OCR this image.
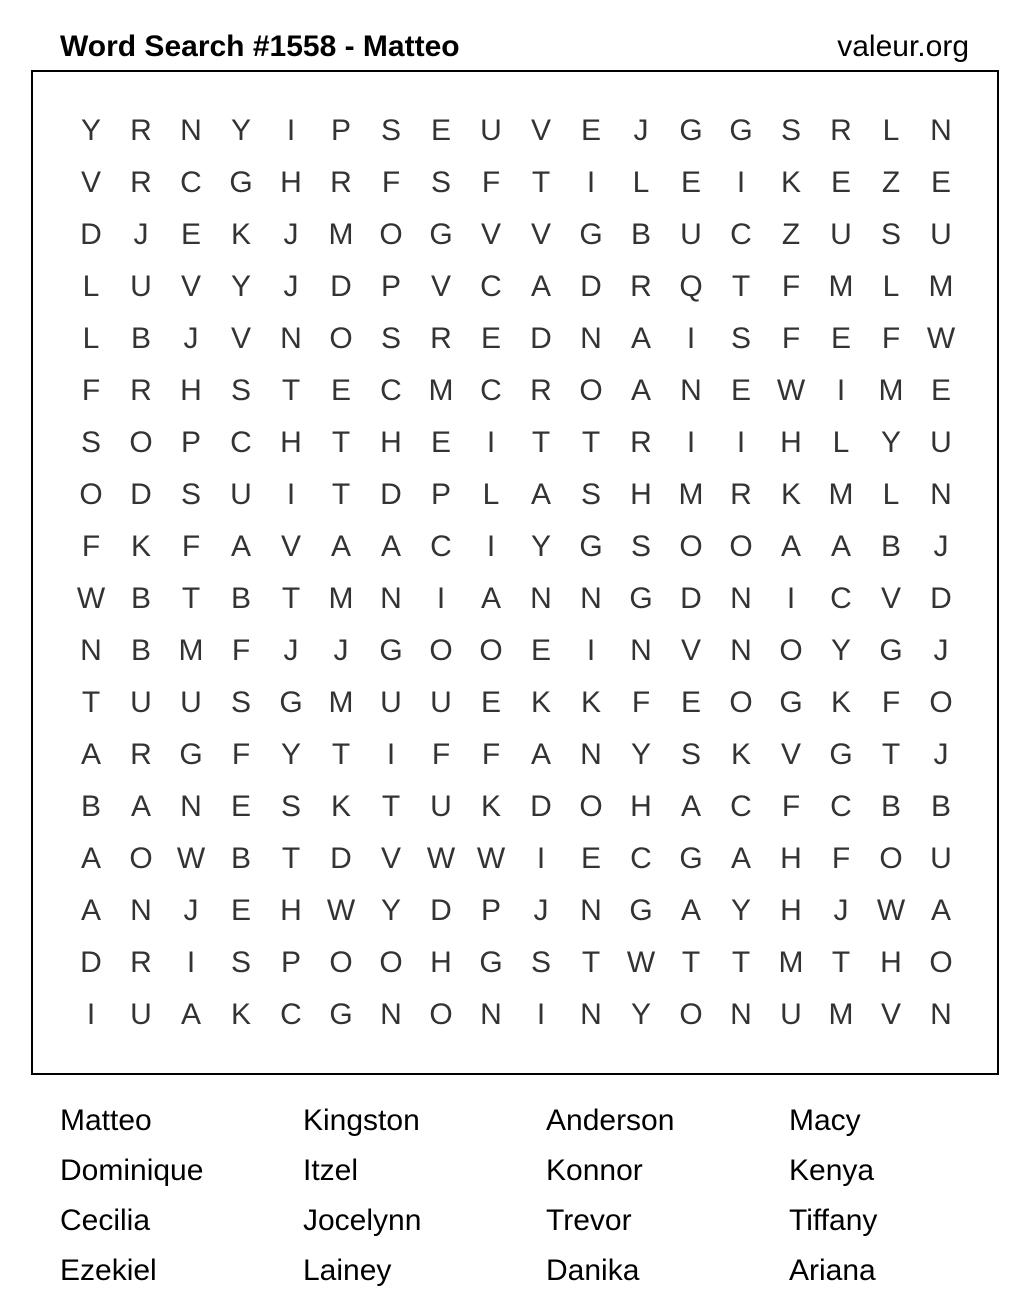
Word Search #1558 - Matteo	valeur.org
Y R N Y	I	P S E U V E	J	G G S R	L	N
V R C G H R	F	S	F	T	I	L	E	I	K E	Z	E
D	J	E K	J	M O G V V G B U C	Z	U S U
L	U V Y	J	D P V C A D R Q T	F M L M
L	B	J	V N O S R E D N A	I	S	F	E	F W
F	R H S	T	E C M C R O A N E W	I	M E
S O P C H	T	H E	I	T	T	R	I	I	H	L	Y U
O D S U	I	T	D P	L	A S H M R K M L	N
F	K	F	A V A A C	I	Y G S O O A A B	J
W B	T	B	T M N	I	A N N G D N	I	C V D
N B M F	J	J	G O O E	I	N V N O Y G	J
T	U U S G M U U E K K	F	E O G K	F O
A R G F	Y	T	I	F	F	A N Y S K V G T	J
B A N E S K	T	U K D O H A C	F	C B B
A O W B	T	D V W W	I	E C G A H	F O U
A N	J	E H W Y D P	J	N G A Y H	J W A
D R	I	S P O O H G S	T W T	T M T	H O
I	U A K C G N O N	I	N Y O N U M V N
Matteo	Kingston	Anderson	Macy
Dominique	Itzel	Konnor	Kenya
Cecilia	Jocelynn	Trevor	Tiffany
Ezekiel	Lainey	Danika	Ariana
